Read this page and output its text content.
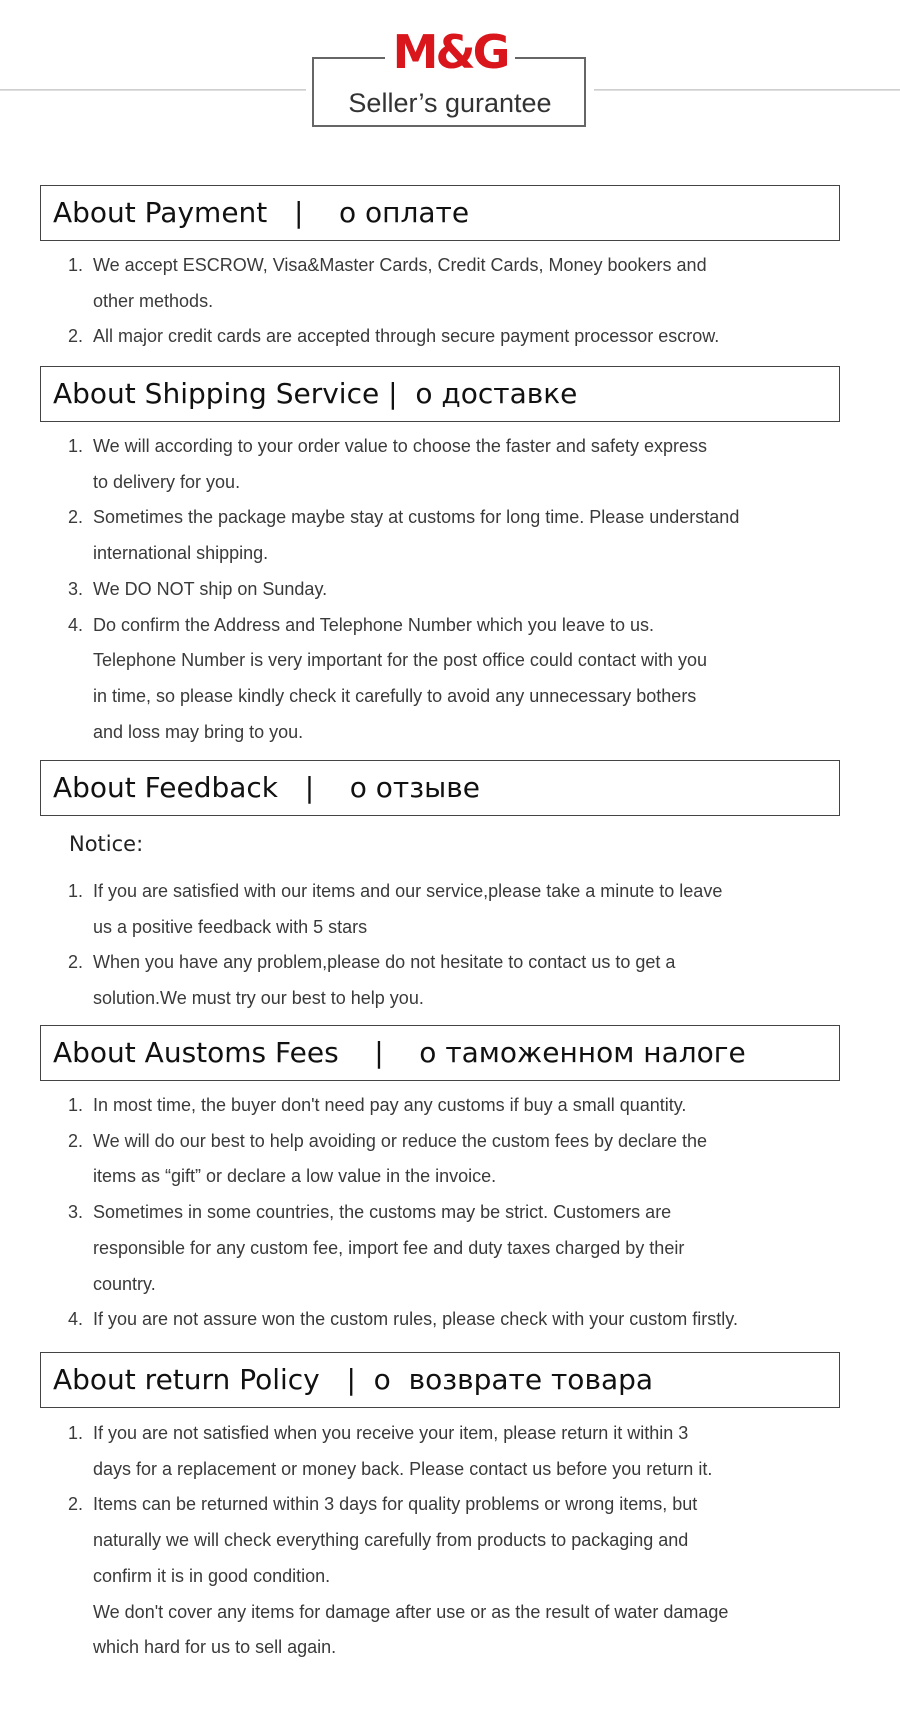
M&G
Seller’s gurantee
About Payment   |    о оплате
1. We accept ESCROW, Visa&Master Cards, Credit Cards, Money bookers and
other methods.
2. All major credit cards are accepted through secure payment processor escrow.
About Shipping Service |  о доставке
1. We will according to your order value to choose the faster and safety express
to delivery for you.
2. Sometimes the package maybe stay at customs for long time. Please understand
international shipping.
3. We DO NOT ship on Sunday.
4. Do confirm the Address and Telephone Number which you leave to us.
Telephone Number is very important for the post office could contact with you
in time, so please kindly check it carefully to avoid any unnecessary bothers
and loss may bring to you.
About Feedback   |    о отзыве
Notice:
1. If you are satisfied with our items and our service,please take a minute to leave
us a positive feedback with 5 stars
2. When you have any problem,please do not hesitate to contact us to get a
solution.We must try our best to help you.
About Austoms Fees    |    о таможенном налоге
1. In most time, the buyer don't need pay any customs if buy a small quantity.
2. We will do our best to help avoiding or reduce the custom fees by declare the
items as “gift” or declare a low value in the invoice.
3. Sometimes in some countries, the customs may be strict. Customers are
responsible for any custom fee, import fee and duty taxes charged by their
country.
4. If you are not assure won the custom rules, please check with your custom firstly.
About return Policy   |  о  возврате товара
1. If you are not satisfied when you receive your item, please return it within 3
days for a replacement or money back. Please contact us before you return it.
2. Items can be returned within 3 days for quality problems or wrong items, but
naturally we will check everything carefully from products to packaging and
confirm it is in good condition.
We don't cover any items for damage after use or as the result of water damage
which hard for us to sell again.
